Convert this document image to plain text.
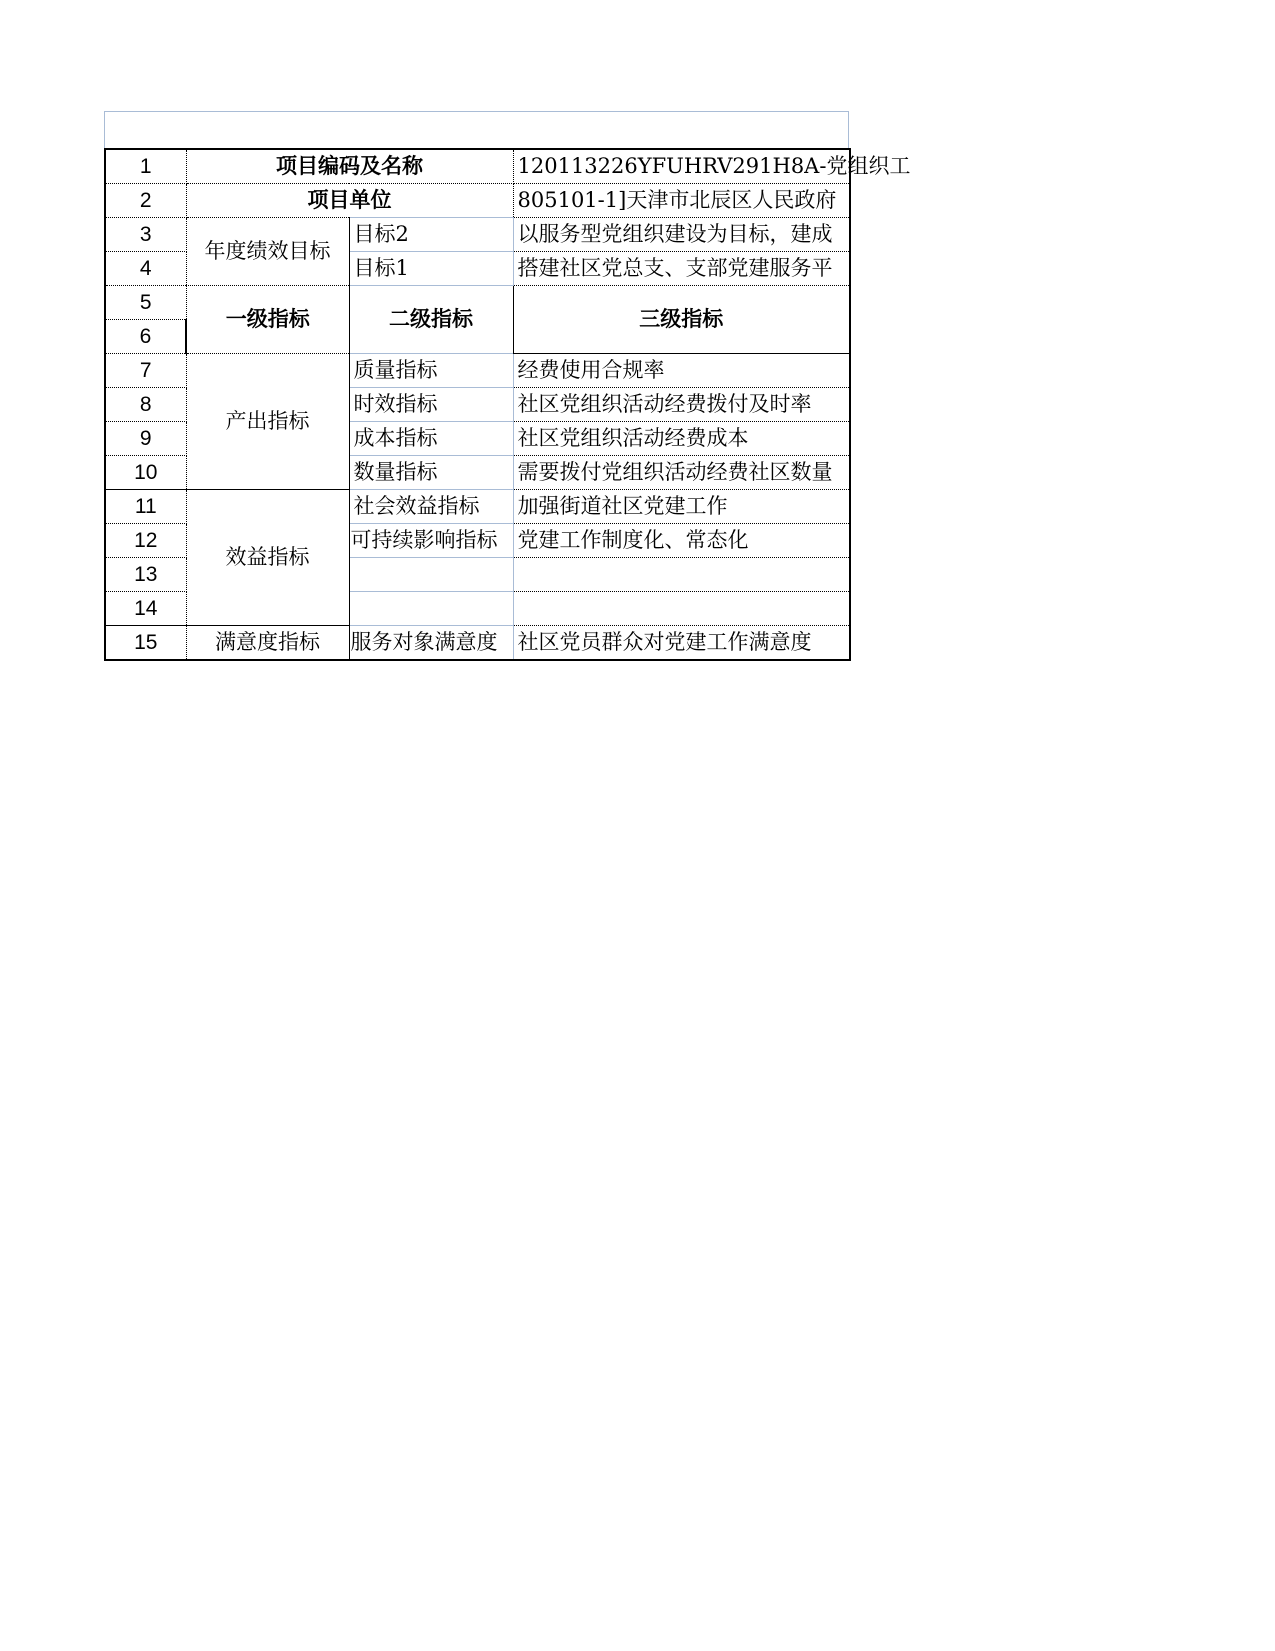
1	项目编码及名称		120113226YFUHRV291H8A-党组织工
2	项目单位		805101-1]天津市北辰区人民政府
3	年度绩效目标	目标2	以服务型党组织建设为目标，建成
4		目标1	搭建社区党总支、支部党建服务平
5	一级指标	二级指标	三级指标
6			
7	产出指标	质量指标	经费使用合规率
8		时效指标	社区党组织活动经费拨付及时率
9		成本指标	社区党组织活动经费成本
10		数量指标	需要拨付党组织活动经费社区数量
11	效益指标	社会效益指标	加强街道社区党建工作
12		可持续影响指标	党建工作制度化、常态化
13			
14			
15	满意度指标	服务对象满意度	社区党员群众对党建工作满意度
